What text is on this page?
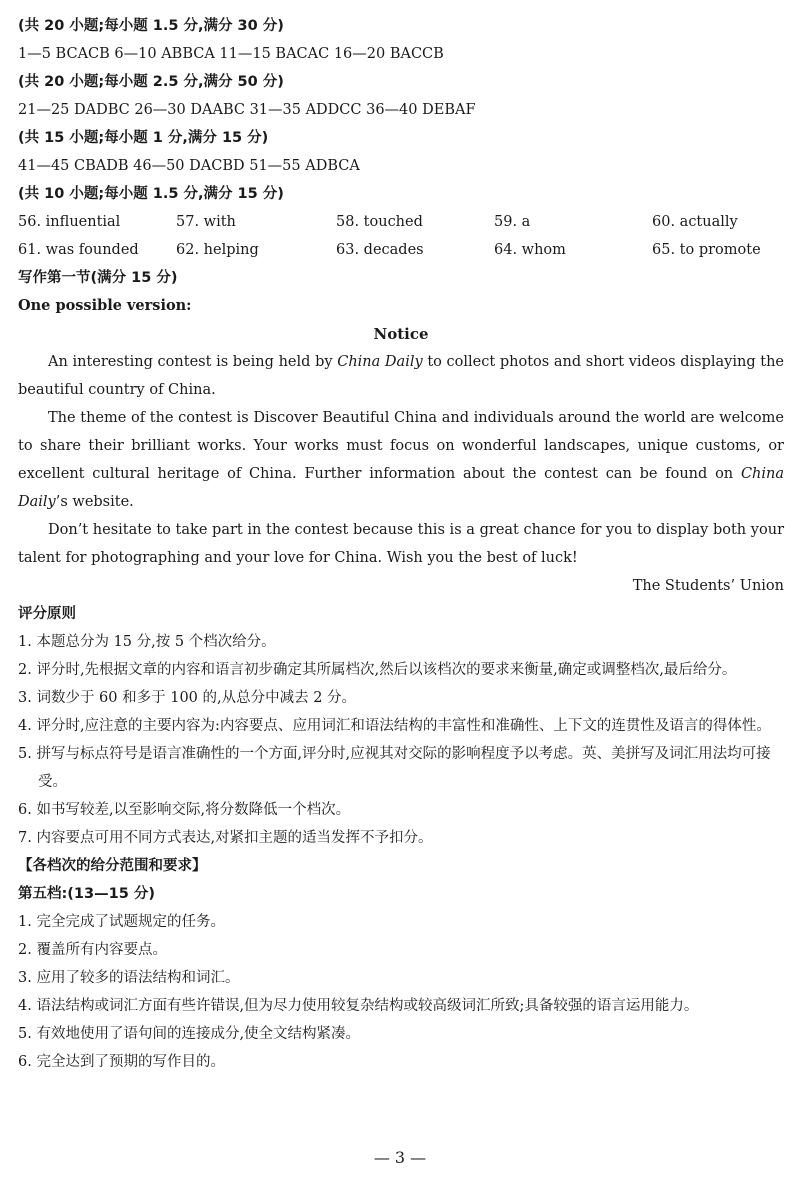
(共 20 小题;每小题 1.5 分,满分 30 分)
1—5 BCACB 6—10 ABBCA 11—15 BACAC 16—20 BACCB
(共 20 小题;每小题 2.5 分,满分 50 分)
21—25 DADBC 26—30 DAABC 31—35 ADDCC 36—40 DEBAF
(共 15 小题;每小题 1 分,满分 15 分)
41—45 CBADB 46—50 DACBD 51—55 ADBCA
(共 10 小题;每小题 1.5 分,满分 15 分)
56. influential	57. with	58. touched	59. a	60. actually
61. was founded	62. helping	63. decades	64. whom	65. to promote
写作第一节(满分 15 分)
One possible version:
Notice
An interesting contest is being held by China Daily to collect photos and short videos displaying the beautiful country of China.
The theme of the contest is Discover Beautiful China and individuals around the world are welcome to share their brilliant works. Your works must focus on wonderful landscapes, unique customs, or excellent cultural heritage of China. Further information about the contest can be found on China Daily’s website.
Don’t hesitate to take part in the contest because this is a great chance for you to display both your talent for photographing and your love for China. Wish you the best of luck!
The Students’ Union
评分原则
1. 本题总分为 15 分,按 5 个档次给分。
2. 评分时,先根据文章的内容和语言初步确定其所属档次,然后以该档次的要求来衡量,确定或调整档次,最后给分。
3. 词数少于 60 和多于 100 的,从总分中减去 2 分。
4. 评分时,应注意的主要内容为:内容要点、应用词汇和语法结构的丰富性和准确性、上下文的连贯性及语言的得体性。
5. 拼写与标点符号是语言准确性的一个方面,评分时,应视其对交际的影响程度予以考虑。英、美拼写及词汇用法均可接受。
6. 如书写较差,以至影响交际,将分数降低一个档次。
7. 内容要点可用不同方式表达,对紧扣主题的适当发挥不予扣分。
【各档次的给分范围和要求】
第五档:(13—15 分)
1. 完全完成了试题规定的任务。
2. 覆盖所有内容要点。
3. 应用了较多的语法结构和词汇。
4. 语法结构或词汇方面有些许错误,但为尽力使用较复杂结构或较高级词汇所致;具备较强的语言运用能力。
5. 有效地使用了语句间的连接成分,使全文结构紧凑。
6. 完全达到了预期的写作目的。
— 3 —
